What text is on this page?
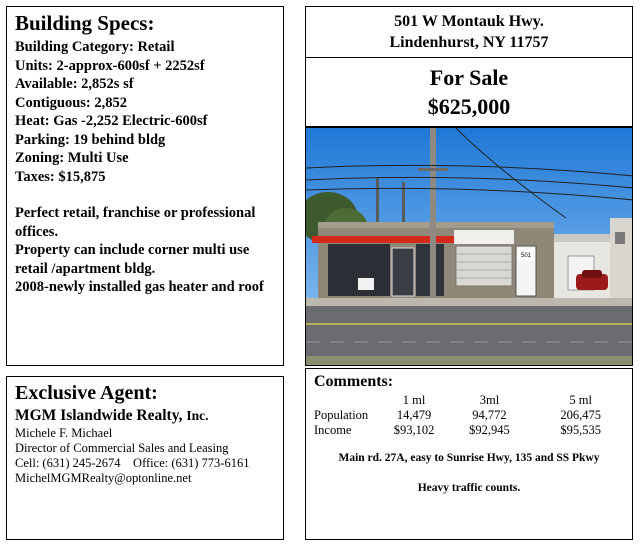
Building Specs:
Building Category: Retail
Units: 2-approx-600sf + 2252sf
Available: 2,852s sf
Contiguous: 2,852
Heat: Gas -2,252 Electric-600sf
Parking: 19 behind bldg
Zoning: Multi Use
Taxes: $15,875
Perfect retail, franchise or professional offices.
Property can include corner multi use retail /apartment bldg.
2008-newly installed gas heater and roof
Exclusive Agent:
MGM Islandwide Realty, Inc.
Michele F. Michael
Director of Commercial Sales and Leasing
Cell: (631) 245-2674    Office: (631) 773-6161
MichelMGMRealty@optonline.net
501 W Montauk Hwy.
Lindenhurst, NY 11757
For Sale
$625,000
501
Comments:
	1 ml	3ml	5 ml
Population	14,479	94,772	206,475
Income	$93,102	$92,945	$95,535
Main rd. 27A, easy to Sunrise Hwy, 135 and SS Pkwy
Heavy traffic counts.
